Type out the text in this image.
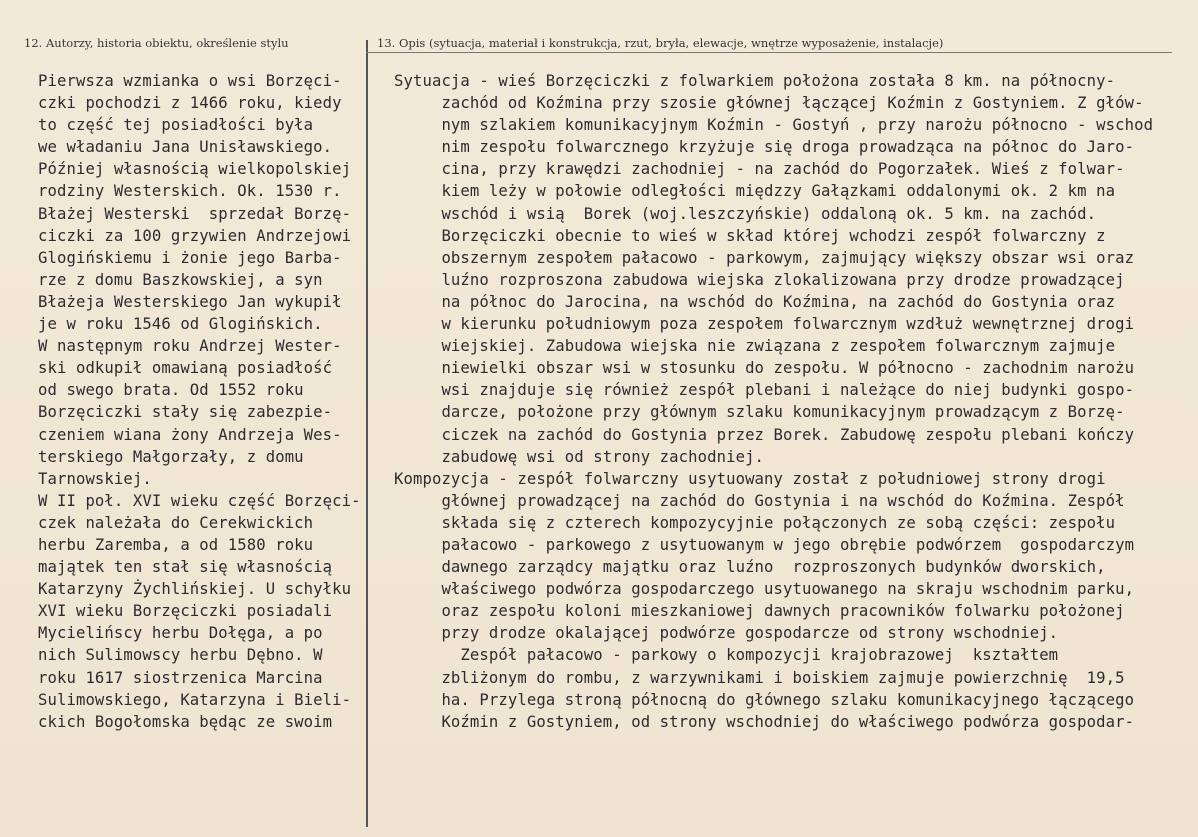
12. Autorzy, historia obiektu, określenie stylu	13. Opis (sytuacja, materiał i konstrukcja, rzut, bryła, elewacje, wnętrze wyposażenie, instalacje)
Pierwsza wzmianka o wsi Borzęci-
czki pochodzi z 1466 roku, kiedy
to część tej posiadłości była
we władaniu Jana Unisławskiego.
Później własnością wielkopolskiej
rodziny Westerskich. Ok. 1530 r.
Błażej Westerski  sprzedał Borzę-
ciczki za 100 grzywien Andrzejowi
Glogińskiemu i żonie jego Barba-
rze z domu Baszkowskiej, a syn
Błażeja Westerskiego Jan wykupił
je w roku 1546 od Glogińskich.
W następnym roku Andrzej Wester-
ski odkupił omawianą posiadłość
od swego brata. Od 1552 roku
Borzęciczki stały się zabezpie-
czeniem wiana żony Andrzeja Wes-
terskiego Małgorzały, z domu
Tarnowskiej.
W II poł. XVI wieku część Borzęci-
czek należała do Cerekwickich
herbu Zaremba, a od 1580 roku
majątek ten stał się własnością
Katarzyny Żychlińskiej. U schyłku
XVI wieku Borzęciczki posiadali
Mycielińscy herbu Dołęga, a po
nich Sulimowscy herbu Dębno. W
roku 1617 siostrzenica Marcina
Sulimowskiego, Katarzyna i Bieli-
ckich Bogołomska będąc ze swoim
Sytuacja - wieś Borzęciczki z folwarkiem położona została 8 km. na północny-
zachód od Koźmina przy szosie głównej łączącej Koźmin z Gostyniem. Z głów-
nym szlakiem komunikacyjnym Koźmin - Gostyń , przy narożu północno - wschod
nim zespołu folwarcznego krzyżuje się droga prowadząca na północ do Jaro-
cina, przy krawędzi zachodniej - na zachód do Pogorzałek. Wieś z folwar-
kiem leży w połowie odległości międzzy Gałązkami oddalonymi ok. 2 km na
wschód i wsią  Borek (woj.leszczyńskie) oddaloną ok. 5 km. na zachód.
Borzęciczki obecnie to wieś w skład której wchodzi zespół folwarczny z
obszernym zespołem pałacowo - parkowym, zajmujący większy obszar wsi oraz
luźno rozproszona zabudowa wiejska zlokalizowana przy drodze prowadzącej
na północ do Jarocina, na wschód do Koźmina, na zachód do Gostynia oraz
w kierunku południowym poza zespołem folwarcznym wzdłuż wewnętrznej drogi
wiejskiej. Zabudowa wiejska nie związana z zespołem folwarcznym zajmuje
niewielki obszar wsi w stosunku do zespołu. W północno - zachodnim narożu
wsi znajduje się również zespół plebani i należące do niej budynki gospo-
darcze, położone przy głównym szlaku komunikacyjnym prowadzącym z Borzę-
ciczek na zachód do Gostynia przez Borek. Zabudowę zespołu plebani kończy
zabudowę wsi od strony zachodniej.
Kompozycja - zespół folwarczny usytuowany został z południowej strony drogi
głównej prowadzącej na zachód do Gostynia i na wschód do Koźmina. Zespół
składa się z czterech kompozycyjnie połączonych ze sobą części: zespołu
pałacowo - parkowego z usytuowanym w jego obrębie podwórzem  gospodarczym
dawnego zarządcy majątku oraz luźno  rozproszonych budynków dworskich,
właściwego podwórza gospodarczego usytuowanego na skraju wschodnim parku,
oraz zespołu koloni mieszkaniowej dawnych pracowników folwarku położonej
przy drodze okalającej podwórze gospodarcze od strony wschodniej.
Zespół pałacowo - parkowy o kompozycji krajobrazowej  kształtem
zbliżonym do rombu, z warzywnikami i boiskiem zajmuje powierzchnię  19,5
ha. Przylega stroną północną do głównego szlaku komunikacyjnego łączącego
Koźmin z Gostyniem, od strony wschodniej do właściwego podwórza gospodar-
